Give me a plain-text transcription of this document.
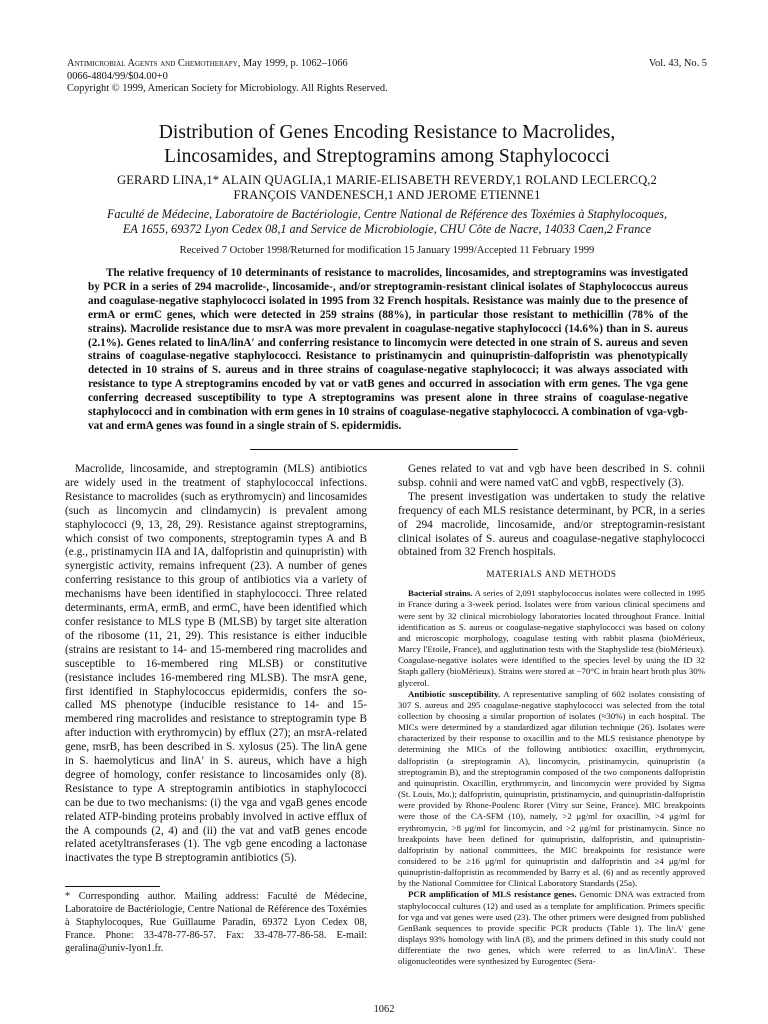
Antimicrobial Agents and Chemotherapy, May 1999, p. 1062–1066
0066-4804/99/$04.00+0
Copyright © 1999, American Society for Microbiology. All Rights Reserved.
Vol. 43, No. 5
Distribution of Genes Encoding Resistance to Macrolides,
Lincosamides, and Streptogramins among Staphylococci
GERARD LINA,1* ALAIN QUAGLIA,1 MARIE-ELISABETH REVERDY,1 ROLAND LECLERCQ,2
FRANÇOIS VANDENESCH,1 AND JEROME ETIENNE1
Faculté de Médecine, Laboratoire de Bactériologie, Centre National de Référence des Toxémies à Staphylocoques,
EA 1655, 69372 Lyon Cedex 08,1 and Service de Microbiologie, CHU Côte de Nacre, 14033 Caen,2 France
Received 7 October 1998/Returned for modification 15 January 1999/Accepted 11 February 1999
The relative frequency of 10 determinants of resistance to macrolides, lincosamides, and streptogramins was investigated by PCR in a series of 294 macrolide-, lincosamide-, and/or streptogramin-resistant clinical isolates of Staphylococcus aureus and coagulase-negative staphylococci isolated in 1995 from 32 French hospitals. Resistance was mainly due to the presence of ermA or ermC genes, which were detected in 259 strains (88%), in particular those resistant to methicillin (78% of the strains). Macrolide resistance due to msrA was more prevalent in coagulase-negative staphylococci (14.6%) than in S. aureus (2.1%). Genes related to linA/linA′ and conferring resistance to lincomycin were detected in one strain of S. aureus and seven strains of coagulase-negative staphylococci. Resistance to pristinamycin and quinupristin-dalfopristin was phenotypically detected in 10 strains of S. aureus and in three strains of coagulase-negative staphylococci; it was always associated with resistance to type A streptogramins encoded by vat or vatB genes and occurred in association with erm genes. The vga gene conferring decreased susceptibility to type A streptogramins was present alone in three strains of coagulase-negative staphylococci and in combination with erm genes in 10 strains of coagulase-negative staphylococci. A combination of vga-vgb-vat and ermA genes was found in a single strain of S. epidermidis.
Macrolide, lincosamide, and streptogramin (MLS) antibiotics are widely used in the treatment of staphylococcal infections. Resistance to macrolides (such as erythromycin) and lincosamides (such as lincomycin and clindamycin) is prevalent among staphylococci (9, 13, 28, 29). Resistance against streptogramins, which consist of two components, streptogramin types A and B (e.g., pristinamycin IIA and IA, dalfopristin and quinupristin) with synergistic activity, remains infrequent (23). A number of genes conferring resistance to this group of antibiotics via a variety of mechanisms have been identified in staphylococci. Three related determinants, ermA, ermB, and ermC, have been identified which confer resistance to MLS type B (MLSB) by target site alteration of the ribosome (11, 21, 29). This resistance is either inducible (strains are resistant to 14- and 15-membered ring macrolides and susceptible to 16-membered ring MLSB) or constitutive (resistance includes 16-membered ring MLSB). The msrA gene, first identified in Staphylococcus epidermidis, confers the so-called MS phenotype (inducible resistance to 14- and 15-membered ring macrolides and resistance to streptogramin type B after induction with erythromycin) by efflux (27); an msrA-related gene, msrB, has been described in S. xylosus (25). The linA gene in S. haemolyticus and linA′ in S. aureus, which have a high degree of homology, confer resistance to lincosamides only (8). Resistance to type A streptogramin antibiotics in staphylococci can be due to two mechanisms: (i) the vga and vgaB genes encode related ATP-binding proteins probably involved in active efflux of the A compounds (2, 4) and (ii) the vat and vatB genes encode related acetyltransferases (1). The vgb gene encoding a lactonase inactivates the type B streptogramin antibiotics (5).
* Corresponding author. Mailing address: Faculté de Médecine, Laboratoire de Bactériologie, Centre National de Référence des Toxémies à Staphylocoques, Rue Guillaume Paradin, 69372 Lyon Cedex 08, France. Phone: 33-478-77-86-57. Fax: 33-478-77-86-58. E-mail: geralina@univ-lyon1.fr.

Genes related to vat and vgb have been described in S. cohnii subsp. cohnii and were named vatC and vgbB, respectively (3).

The present investigation was undertaken to study the relative frequency of each MLS resistance determinant, by PCR, in a series of 294 macrolide, lincosamide, and/or streptogramin-resistant clinical isolates of S. aureus and coagulase-negative staphylococci obtained from 32 French hospitals.

MATERIALS AND METHODS

Bacterial strains. A series of 2,091 staphylococcus isolates were collected in 1995 in France during a 3-week period. Isolates were from various clinical specimens and were sent by 32 clinical microbiology laboratories located throughout France. Initial identification as S. aureus or coagulase-negative staphylococci was based on colony and microscopic morphology, coagulase testing with rabbit plasma (bioMérieux, Marcy l'Etoile, France), and agglutination tests with the Staphyslide test (bioMérieux). Coagulase-negative isolates were identified to the species level by using the ID 32 Staph gallery (bioMérieux). Strains were stored at −70°C in brain heart broth plus 30% glycerol.

Antibiotic susceptibility. A representative sampling of 602 isolates consisting of 307 S. aureus and 295 coagulase-negative staphylococci was selected from the total collection by choosing a similar proportion of isolates (≈30%) in each hospital. The MICs were determined by a standardized agar dilution technique (26). Isolates were characterized by their response to oxacillin and to the MLS resistance phenotype by determining the MICs of the following antibiotics: oxacillin, erythromycin, dalfopristin (a streptogramin A), lincomycin, pristinamycin, quinupristin (a streptogramin B), and the streptogramin composed of the two components dalfopristin and quinupristin. Oxacillin, erythromycin, and lincomycin were provided by Sigma (St. Louis, Mo.); dalfopristin, quinupristin, pristinamycin, and quinupristin-dalfopristin were provided by Rhone-Poulenc Rorer (Vitry sur Seine, France). MIC breakpoints were those of the CA-SFM (10), namely, >2 μg/ml for oxacillin, >4 μg/ml for erythromycin, >8 μg/ml for lincomycin, and >2 μg/ml for pristinamycin. Since no breakpoints have been defined for quinupristin, dalfopristin, and quinupristin-dalfopristin by national committees, the MIC breakpoints for resistance were considered to be ≥16 μg/ml for quinupristin and dalfopristin and ≥4 μg/ml for quinupristin-dalfopristin as recommended by Barry et al. (6) and as recently approved by the National Committee for Clinical Laboratory Standards (25a).

PCR amplification of MLS resistance genes. Genomic DNA was extracted from staphylococcal cultures (12) and used as a template for amplification. Primers specific for vga and vat genes were used (23). The other primers were designed from published GenBank sequences to provide specific PCR products (Table 1). The linA′ gene displays 93% homology with linA (8), and the primers defined in this study could not differentiate the two genes, which were referred to as linA/linA′. These oligonucleotides were synthesized by Eurogentec (Sera-

1062
